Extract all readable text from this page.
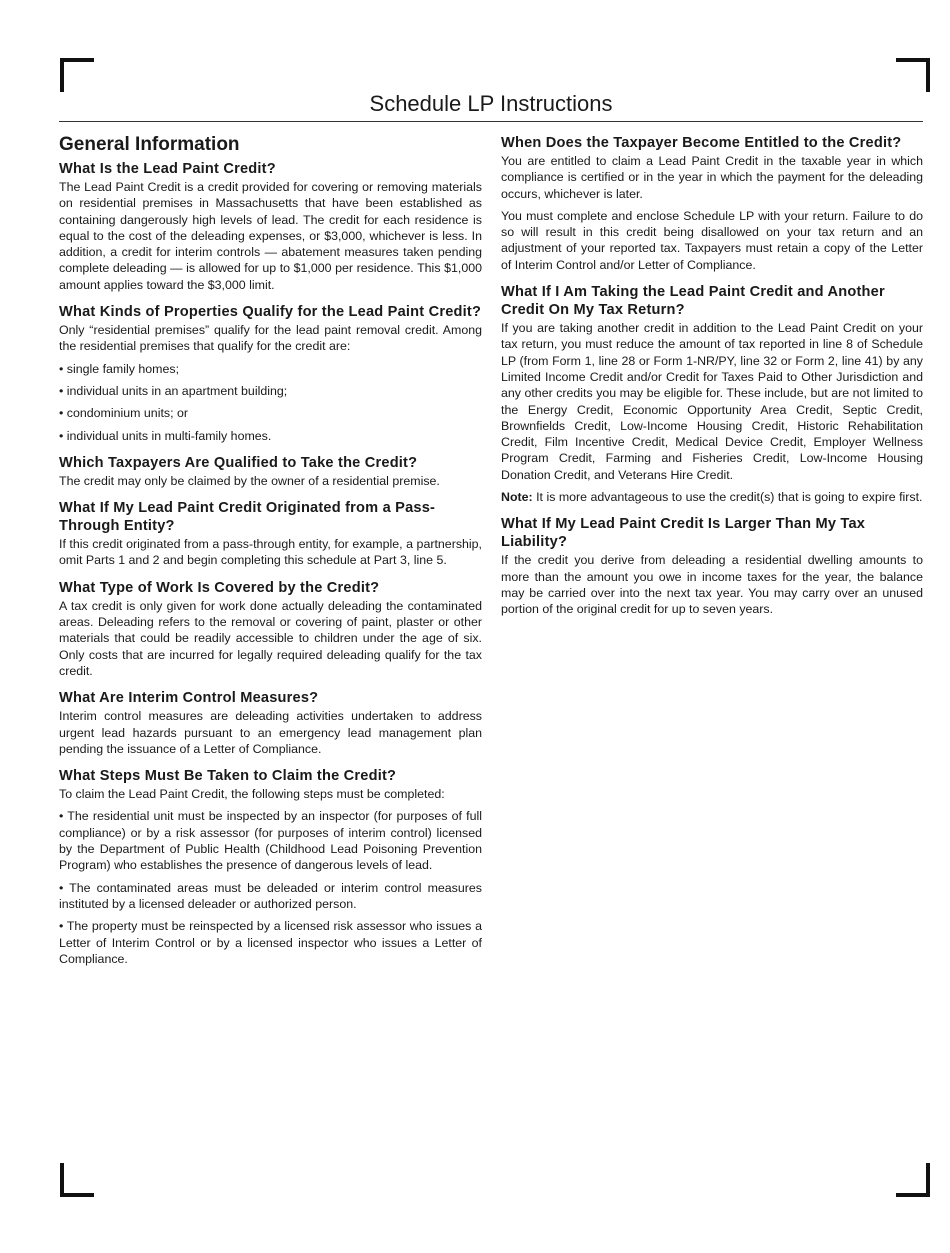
Schedule LP Instructions
General Information
What Is the Lead Paint Credit?
The Lead Paint Credit is a credit provided for covering or removing materials on residential premises in Massachusetts that have been established as containing dangerously high levels of lead. The credit for each residence is equal to the cost of the deleading expenses, or $3,000, whichever is less. In addition, a credit for interim controls — abatement measures taken pending complete deleading — is allowed for up to $1,000 per residence. This $1,000 amount applies toward the $3,000 limit.
What Kinds of Properties Qualify for the Lead Paint Credit?
Only “residential premises” qualify for the lead paint removal credit. Among the residential premises that qualify for the credit are:
• single family homes;
• individual units in an apartment building;
• condominium units; or
• individual units in multi-family homes.
Which Taxpayers Are Qualified to Take the Credit?
The credit may only be claimed by the owner of a residential premise.
What If My Lead Paint Credit Originated from a Pass-Through Entity?
If this credit originated from a pass-through entity, for example, a partnership, omit Parts 1 and 2 and begin completing this schedule at Part 3, line 5.
What Type of Work Is Covered by the Credit?
A tax credit is only given for work done actually deleading the contaminated areas. Deleading refers to the removal or covering of paint, plaster or other materials that could be readily accessible to children under the age of six. Only costs that are incurred for legally required deleading qualify for the tax credit.
What Are Interim Control Measures?
Interim control measures are deleading activities undertaken to address urgent lead hazards pursuant to an emergency lead management plan pending the issuance of a Letter of Compliance.
What Steps Must Be Taken to Claim the Credit?
To claim the Lead Paint Credit, the following steps must be completed:
• The residential unit must be inspected by an inspector (for purposes of full compliance) or by a risk assessor (for purposes of interim control) licensed by the Department of Public Health (Childhood Lead Poisoning Prevention Program) who establishes the presence of dangerous levels of lead.
• The contaminated areas must be deleaded or interim control measures instituted by a licensed deleader or authorized person.
• The property must be reinspected by a licensed risk assessor who issues a Letter of Interim Control or by a licensed inspector who issues a Letter of Compliance.
When Does the Taxpayer Become Entitled to the Credit?
You are entitled to claim a Lead Paint Credit in the taxable year in which compliance is certified or in the year in which the payment for the deleading occurs, whichever is later.
You must complete and enclose Schedule LP with your return. Failure to do so will result in this credit being disallowed on your tax return and an adjustment of your reported tax. Taxpayers must retain a copy of the Letter of Interim Control and/or Letter of Compliance.
What If I Am Taking the Lead Paint Credit and Another Credit On My Tax Return?
If you are taking another credit in addition to the Lead Paint Credit on your tax return, you must reduce the amount of tax reported in line 8 of Schedule LP (from Form 1, line 28 or Form 1-NR/PY, line 32 or Form 2, line 41) by any Limited Income Credit and/or Credit for Taxes Paid to Other Jurisdiction and any other credits you may be eligible for. These include, but are not limited to the Energy Credit, Economic Opportunity Area Credit, Septic Credit, Brownfields Credit, Low-Income Housing Credit, Historic Rehabilitation Credit, Film Incentive Credit, Medical Device Credit, Employer Wellness Program Credit, Farming and Fisheries Credit, Low-Income Housing Donation Credit, and Veterans Hire Credit.
Note: It is more advantageous to use the credit(s) that is going to expire first.
What If My Lead Paint Credit Is Larger Than My Tax Liability?
If the credit you derive from deleading a residential dwelling amounts to more than the amount you owe in income taxes for the year, the balance may be carried over into the next tax year. You may carry over an unused portion of the original credit for up to seven years.
